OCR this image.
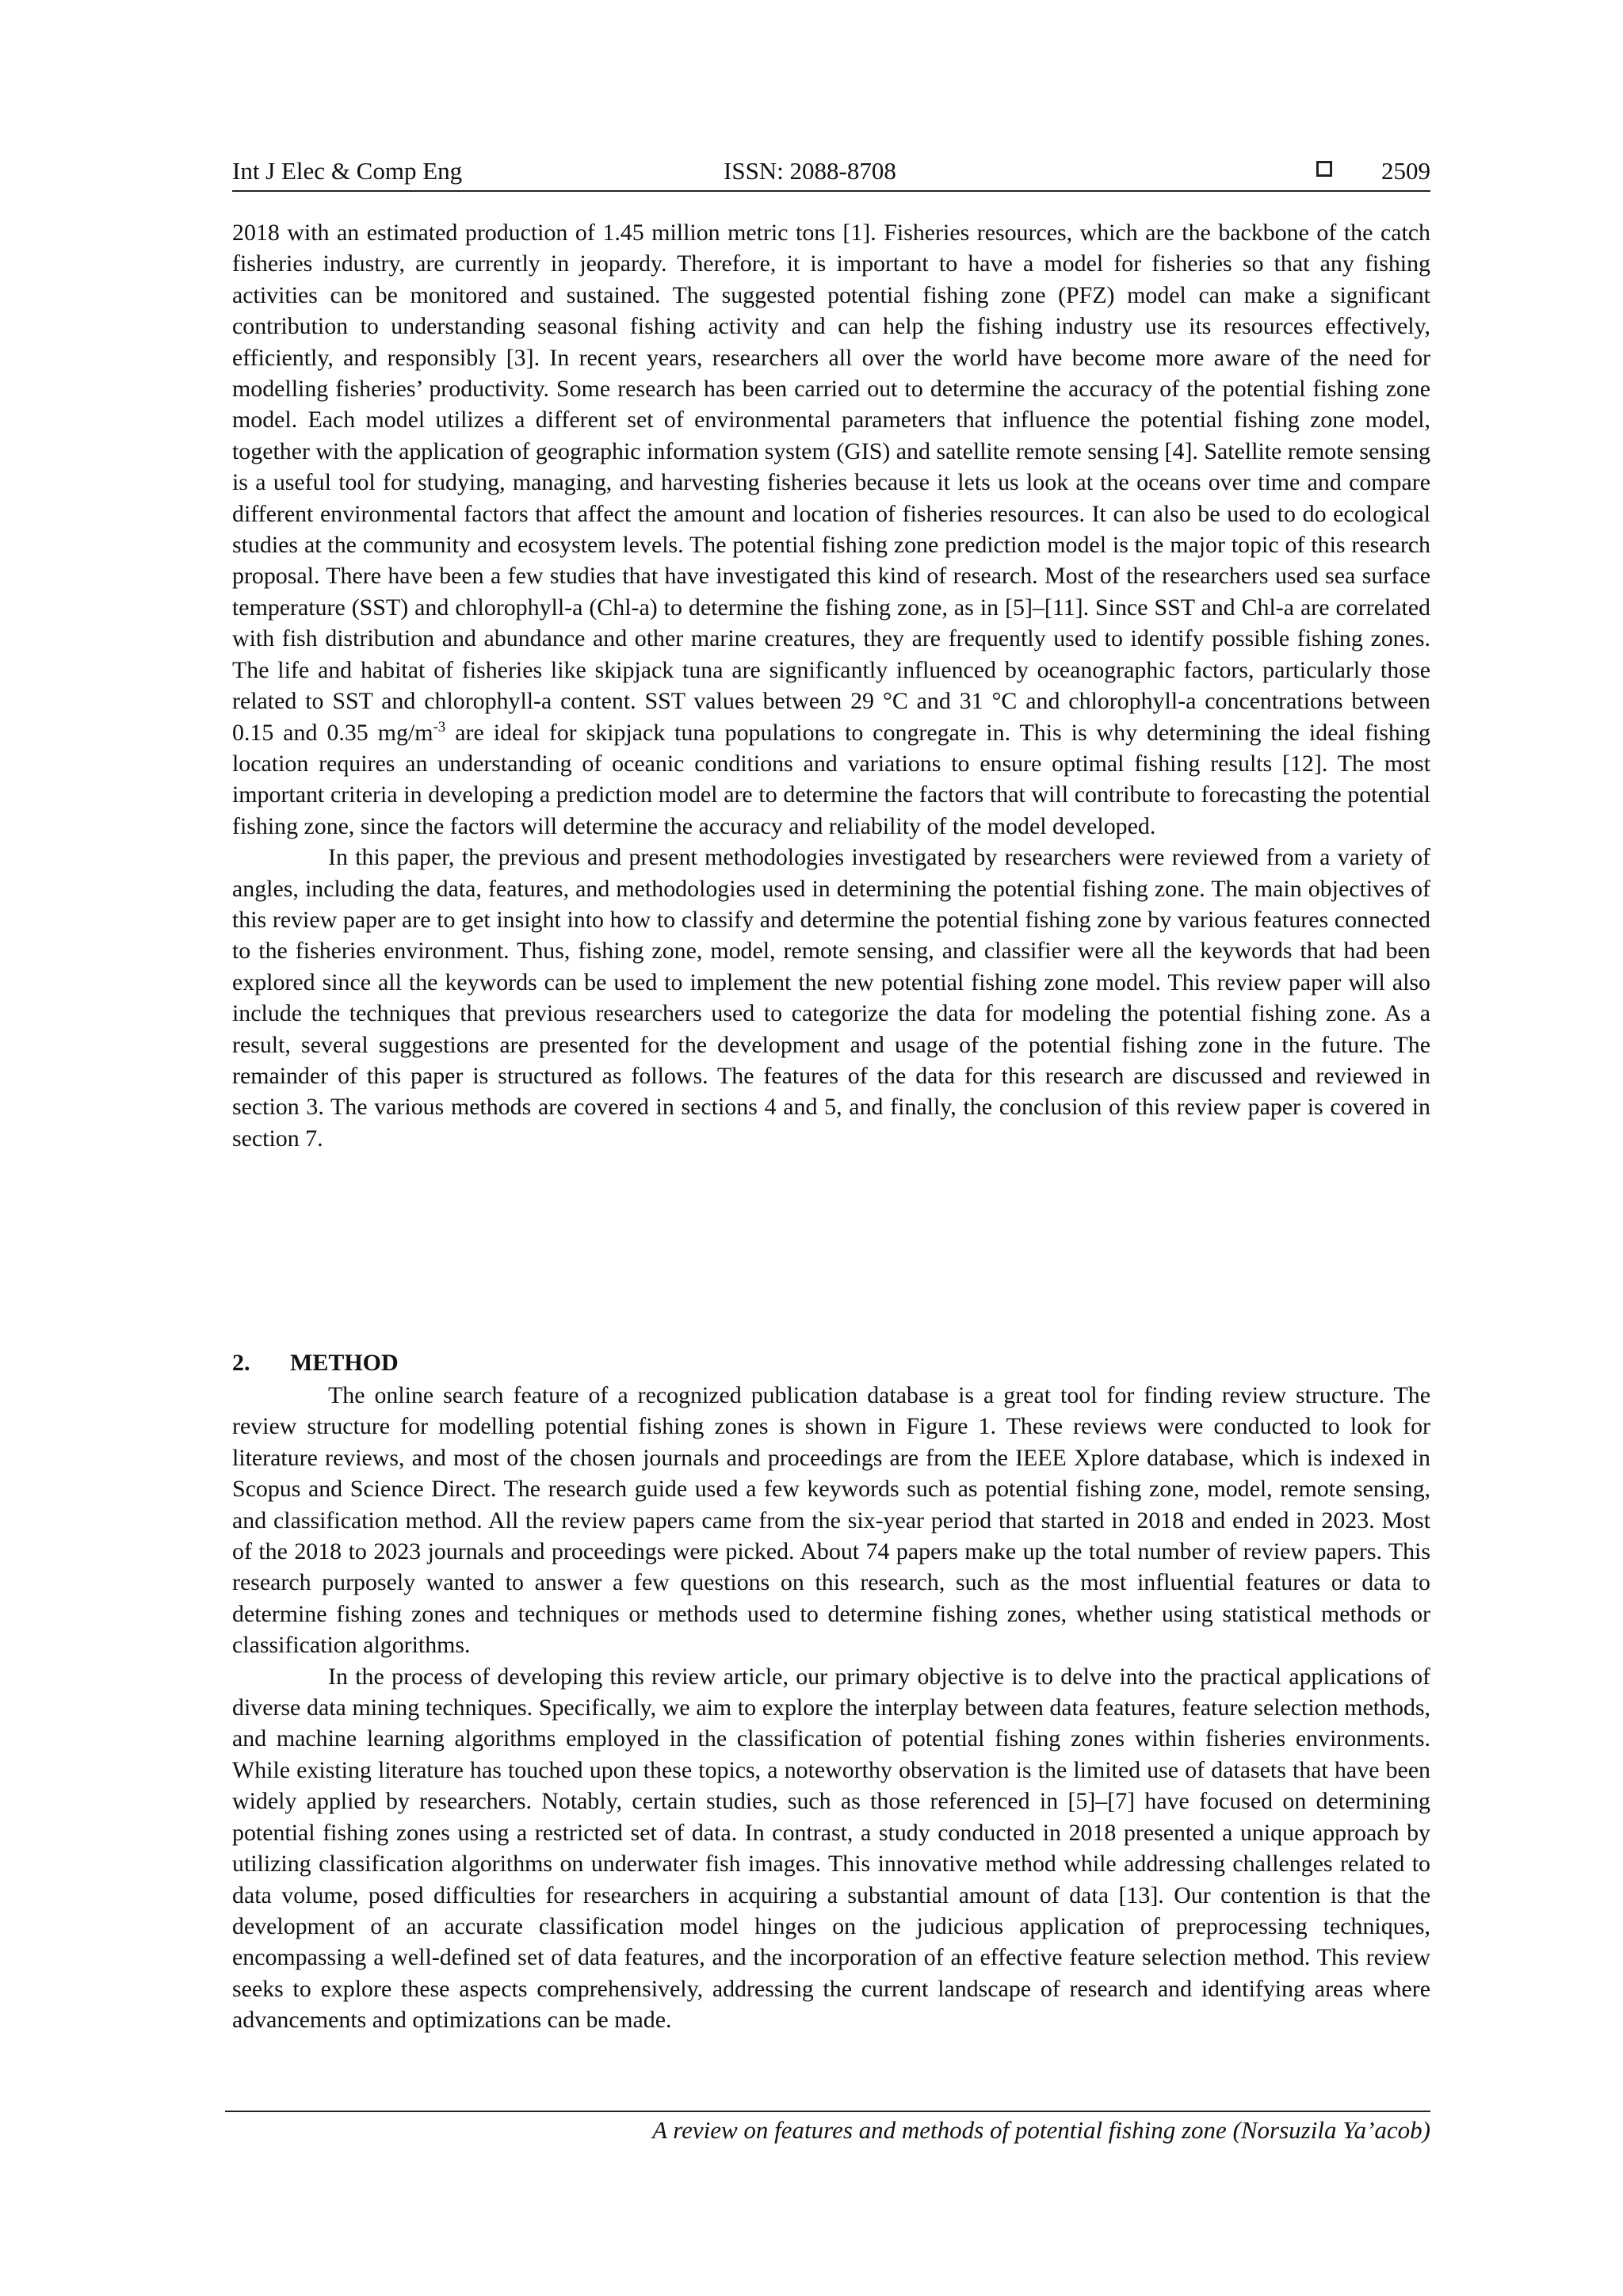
Int J Elec & Comp Eng	ISSN: 2088-8708	2509

2018 with an estimated production of 1.45 million metric tons [1]. Fisheries resources, which are the backbone of the catch fisheries industry, are currently in jeopardy. Therefore, it is important to have a model for fisheries so that any fishing activities can be monitored and sustained. The suggested potential fishing zone (PFZ) model can make a significant contribution to understanding seasonal fishing activity and can help the fishing industry use its resources effectively, efficiently, and responsibly [3]. In recent years, researchers all over the world have become more aware of the need for modelling fisheries’ productivity. Some research has been carried out to determine the accuracy of the potential fishing zone model. Each model utilizes a different set of environmental parameters that influence the potential fishing zone model, together with the application of geographic information system (GIS) and satellite remote sensing [4]. Satellite remote sensing is a useful tool for studying, managing, and harvesting fisheries because it lets us look at the oceans over time and compare different environmental factors that affect the amount and location of fisheries resources. It can also be used to do ecological studies at the community and ecosystem levels. The potential fishing zone prediction model is the major topic of this research proposal. There have been a few studies that have investigated this kind of research. Most of the researchers used sea surface temperature (SST) and chlorophyll-a (Chl-a) to determine the fishing zone, as in [5]–[11]. Since SST and Chl-a are correlated with fish distribution and abundance and other marine creatures, they are frequently used to identify possible fishing zones. The life and habitat of fisheries like skipjack tuna are significantly influenced by oceanographic factors, particularly those related to SST and chlorophyll-a content. SST values between 29 °C and 31 °C and chlorophyll-a concentrations between 0.15 and 0.35 $mg/m^{-3}$ are ideal for skipjack tuna populations to congregate in. This is why determining the ideal fishing location requires an understanding of oceanic conditions and variations to ensure optimal fishing results [12]. The most important criteria in developing a prediction model are to determine the factors that will contribute to forecasting the potential fishing zone, since the factors will determine the accuracy and reliability of the model developed.

In this paper, the previous and present methodologies investigated by researchers were reviewed from a variety of angles, including the data, features, and methodologies used in determining the potential fishing zone. The main objectives of this review paper are to get insight into how to classify and determine the potential fishing zone by various features connected to the fisheries environment. Thus, fishing zone, model, remote sensing, and classifier were all the keywords that had been explored since all the keywords can be used to implement the new potential fishing zone model. This review paper will also include the techniques that previous researchers used to categorize the data for modeling the potential fishing zone. As a result, several suggestions are presented for the development and usage of the potential fishing zone in the future. The remainder of this paper is structured as follows. The features of the data for this research are discussed and reviewed in section 3. The various methods are covered in sections 4 and 5, and finally, the conclusion of this review paper is covered in section 7.

2. METHOD

The online search feature of a recognized publication database is a great tool for finding review structure. The review structure for modelling potential fishing zones is shown in Figure 1. These reviews were conducted to look for literature reviews, and most of the chosen journals and proceedings are from the IEEE Xplore database, which is indexed in Scopus and Science Direct. The research guide used a few keywords such as potential fishing zone, model, remote sensing, and classification method. All the review papers came from the six-year period that started in 2018 and ended in 2023. Most of the 2018 to 2023 journals and proceedings were picked. About 74 papers make up the total number of review papers. This research purposely wanted to answer a few questions on this research, such as the most influential features or data to determine fishing zones and techniques or methods used to determine fishing zones, whether using statistical methods or classification algorithms.

In the process of developing this review article, our primary objective is to delve into the practical applications of diverse data mining techniques. Specifically, we aim to explore the interplay between data features, feature selection methods, and machine learning algorithms employed in the classification of potential fishing zones within fisheries environments. While existing literature has touched upon these topics, a noteworthy observation is the limited use of datasets that have been widely applied by researchers. Notably, certain studies, such as those referenced in [5]–[7] have focused on determining potential fishing zones using a restricted set of data. In contrast, a study conducted in 2018 presented a unique approach by utilizing classification algorithms on underwater fish images. This innovative method while addressing challenges related to data volume, posed difficulties for researchers in acquiring a substantial amount of data [13]. Our contention is that the development of an accurate classification model hinges on the judicious application of preprocessing techniques, encompassing a well-defined set of data features, and the incorporation of an effective feature selection method. This review seeks to explore these aspects comprehensively, addressing the current landscape of research and identifying areas where advancements and optimizations can be made.

A review on features and methods of potential fishing zone (Norsuzila Ya’acob)
